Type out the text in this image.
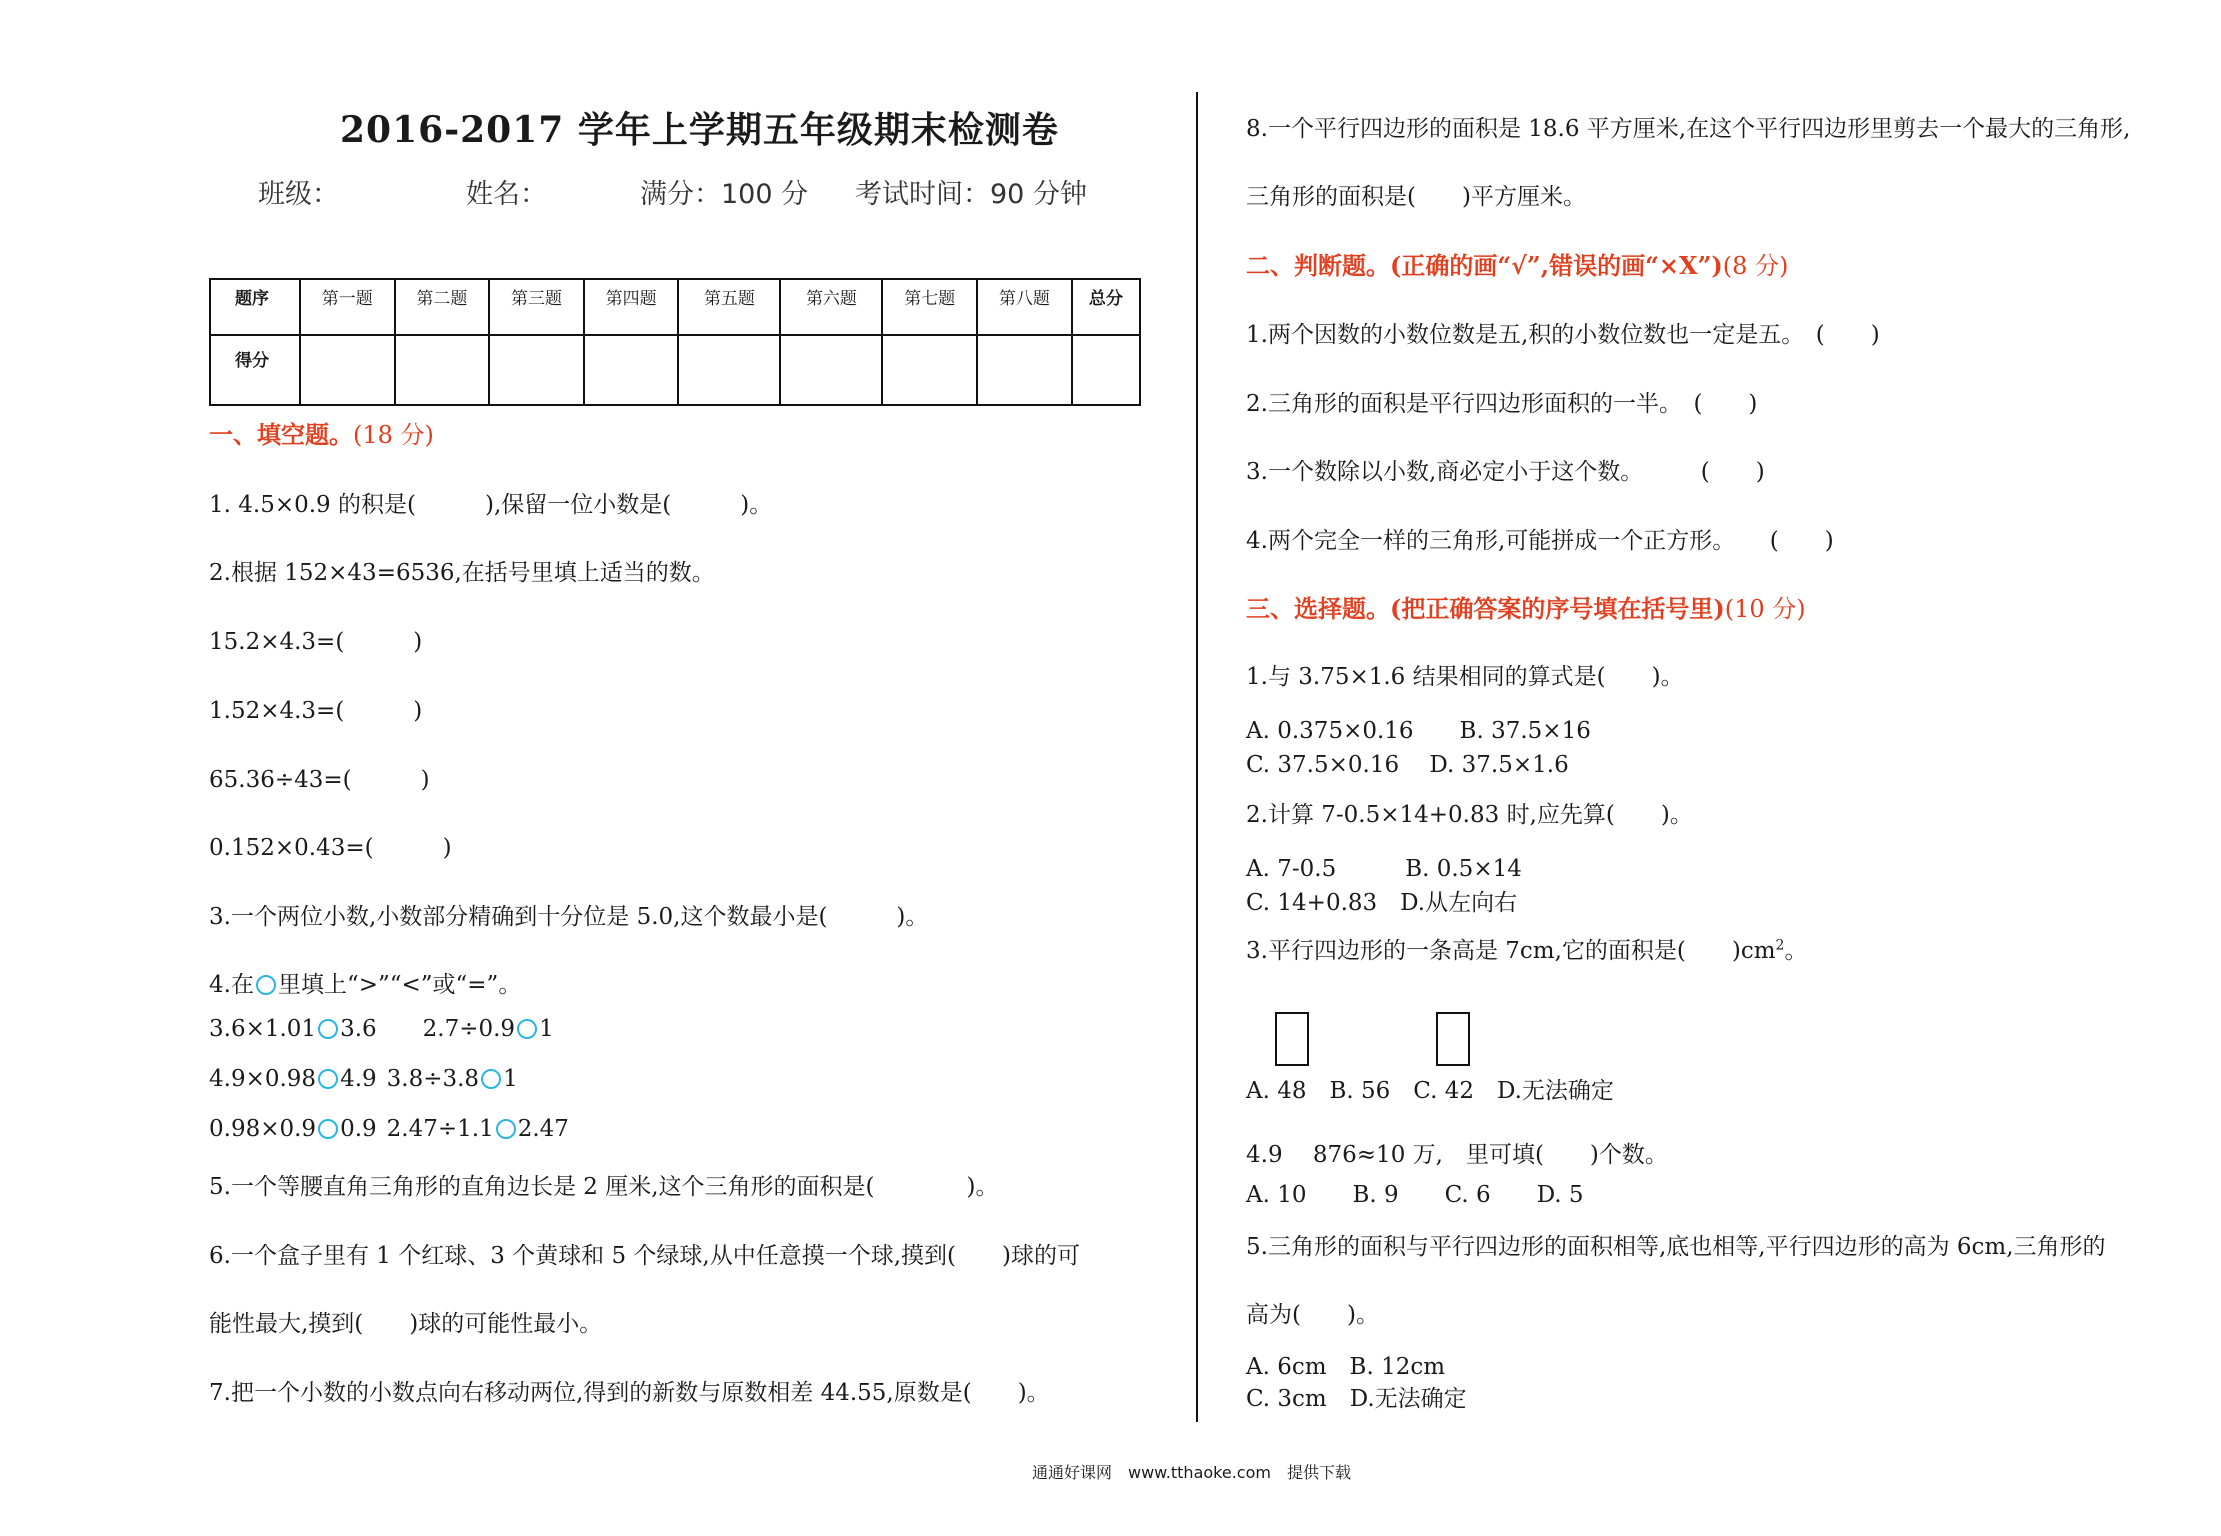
2016-2017 学年上学期五年级期末检测卷
班级：	姓名：	满分：100 分 考试时间：90 分钟
题序	第一题	第二题	第三题	第四题	第五题	第六题	第七题	第八题	总分
得分									
一、填空题。(18 分)
1. 4.5×0.9 的积是(　　　),保留一位小数是(　　　)。
2.根据 152×43=6536,在括号里填上适当的数。
15.2×4.3=(　　　)
1.52×4.3=(　　　)
65.36÷43=(　　　)
0.152×0.43=(　　　)
3.一个两位小数,小数部分精确到十分位是 5.0,这个数最小是(　　　)。
4.在 里填上“>”“<”或“=”。
3.6×1.01 3.6 2.7÷0.9 1
4.9×0.98 4.9 3.8÷3.8 1
0.98×0.9 0.9 2.47÷1.1 2.47
5.一个等腰直角三角形的直角边长是 2 厘米,这个三角形的面积是(　　　　)。
6.一个盒子里有 1 个红球、3 个黄球和 5 个绿球,从中任意摸一个球,摸到(　　)球的可
能性最大,摸到(　　)球的可能性最小。
7.把一个小数的小数点向右移动两位,得到的新数与原数相差 44.55,原数是(　　)。
8.一个平行四边形的面积是 18.6 平方厘米,在这个平行四边形里剪去一个最大的三角形,
三角形的面积是(　　)平方厘米。
二、判断题。(正确的画“√”,错误的画“×X”)(8 分)
1.两个因数的小数位数是五,积的小数位数也一定是五。　(　　)
2.三角形的面积是平行四边形面积的一半。　(　　)
3.一个数除以小数,商必定小于这个数。　　　(　　)
4.两个完全一样的三角形,可能拼成一个正方形。　　(　　)
三、选择题。(把正确答案的序号填在括号里)(10 分)
1.与 3.75×1.6 结果相同的算式是(　　)。
A. 0.375×0.16　　B. 37.5×16
C. 37.5×0.16　 D. 37.5×1.6
2.计算 7-0.5×14+0.83 时,应先算(　　)。
A. 7-0.5　　　B. 0.5×14
C. 14+0.83　D.从左向右
3.平行四边形的一条高是 7cm,它的面积是(　　)$cm^2$。
A. 48　B. 56　C. 42　D.无法确定
4.9　 876≈10 万,　里可填(　　)个数。
A. 10　　B. 9　　C. 6　　D. 5
5.三角形的面积与平行四边形的面积相等,底也相等,平行四边形的高为 6cm,三角形的
高为(　　)。
A. 6cm　B. 12cm
C. 3cm　D.无法确定
通通好课网　www.tthaoke.com　提供下载
